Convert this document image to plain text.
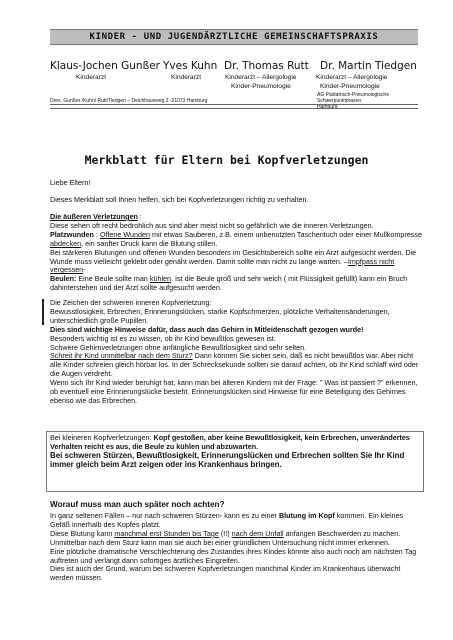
KINDER - UND JUGENDÄRZTLICHE GEMEINSCHAFTSPRAXIS
Klaus-Jochen Gunßer Yves Kuhn Dr. Thomas Rutt Dr. Martin Tiedgen
Kinderarzt	Kinderarzt	Kinderarzt – Allergologie
Kinder-Pneumologie
Kinderarzt – Allergologie
Kinder-Pneumologie
Dres. Gunßer /Kuhn/ Rutt/Tiedgen – Deichhausweg 2 -21073 Hamburg
AG Pädiatrisch-Pneumologische
Schwerpunktpraxen
Hamburg
Merkblatt für Eltern bei Kopfverletzungen
Liebe Eltern!
Dieses Merkblatt soll Ihnen helfen, sich bei Kopfverletzungen richtig zu verhalten.
Die äußeren Verletzungen :
Diese sehen oft recht bedrohlich aus sind aber meist nicht so gefährlich wie die inneren Verletzungen.
Platzwunden : Offene Wunden mit etwas Sauberen, z.B. einem unbenutzten Taschentuch oder einer Mullkompresse abdecken, ein sanfter Druck kann die Blutung stillen.
Bei stärkeren Blutungen und offenen Wunden besonders im Gesichtsbereich sollte ein Arzt aufgesucht werden. Die Wunde muss vielleicht geklebt oder genäht werden. Damit sollte man nicht zu lange warten. –Impfpass nicht vergessen-
Beulen: Eine Beule sollte man kühlen. Ist die Beule groß und sehr weich ( mit Flüssigkeit gefüllt) kann ein Bruch dahinterstehen und der Arzt sollte aufgesucht werden.
Die Zeichen der schweren inneren Kopfverletzung:
Bewusstlosigkeit, Erbrechen, Erinnerungslücken, starke Kopfschmerzen, plötzliche Verhaltensänderungen, unterschiedlich große Pupillen.
Dies sind wichtige Hinweise dafür, dass auch das Gehirn in Mitleidenschaft gezogen wurde!
Besonders wichtig ist es zu wissen, ob ihr Kind bewußtlos gewesen ist.
Schwere Gehirnverletzungen ohne anfängliche Bewußtlosigkeit sind sehr selten.
Schreit ihr Kind unmittelbar nach dem Sturz? Dann können Sie sicher sein, daß es nicht bewußtlos war. Aber nicht alle Kinder schreien gleich hörbar los. In der Schrecksekunde sollten sie darauf achten, ob Ihr Kind schlaff wird oder die Augen verdreht.
Wenn sich Ihr Kind wieder beruhigt hat, kann man bei älteren Kindern mit der Frage: " Was ist passiert ?" erkennen, ob eventuell eine Erinnerungslücke besteht. Erinnerungslücken sind Hinweise für eine Beteiligung des Gehirnes ebenso wie das Erbrechen.
Bei kleineren Kopfverletzungen: Kopf gestoßen, aber keine Bewußtlosigkeit, kein Erbrechen, unverändertes Verhalten reicht es aus, die Beule zu kühlen und abzuwarten.
Bei schweren Stürzen, Bewußtlosigkeit, Erinnerungslücken und Erbrechen sollten Sie Ihr Kind immer gleich beim Arzt zeigen oder ins Krankenhaus bringen.
Worauf muss man auch später noch achten?
In ganz seltenen Fällen – nur nach schweren Stürzen- kann es zu einer Blutung im Kopf kommen. Ein kleines Gefäß innerhalb des Kopfes platzt.
Diese Blutung kann manchmal erst Stunden bis Tage (!!) nach dem Unfall anfangen Beschwerden zu machen. Unmittelbar nach dem Sturz kann man sie auch bei einer gründlichen Untersuchung nicht immer erkennen.
Eine plötzliche dramatische Verschlechterung des Zustandes ihres Kindes könnte also auch noch am nächsten Tag auftreten und verlangt dann sofortiges ärztliches Eingreifen.
Dies ist auch der Grund, warum bei schweren Kopfverletzungen manchmal Kinder im Krankenhaus überwacht werden müssen.
